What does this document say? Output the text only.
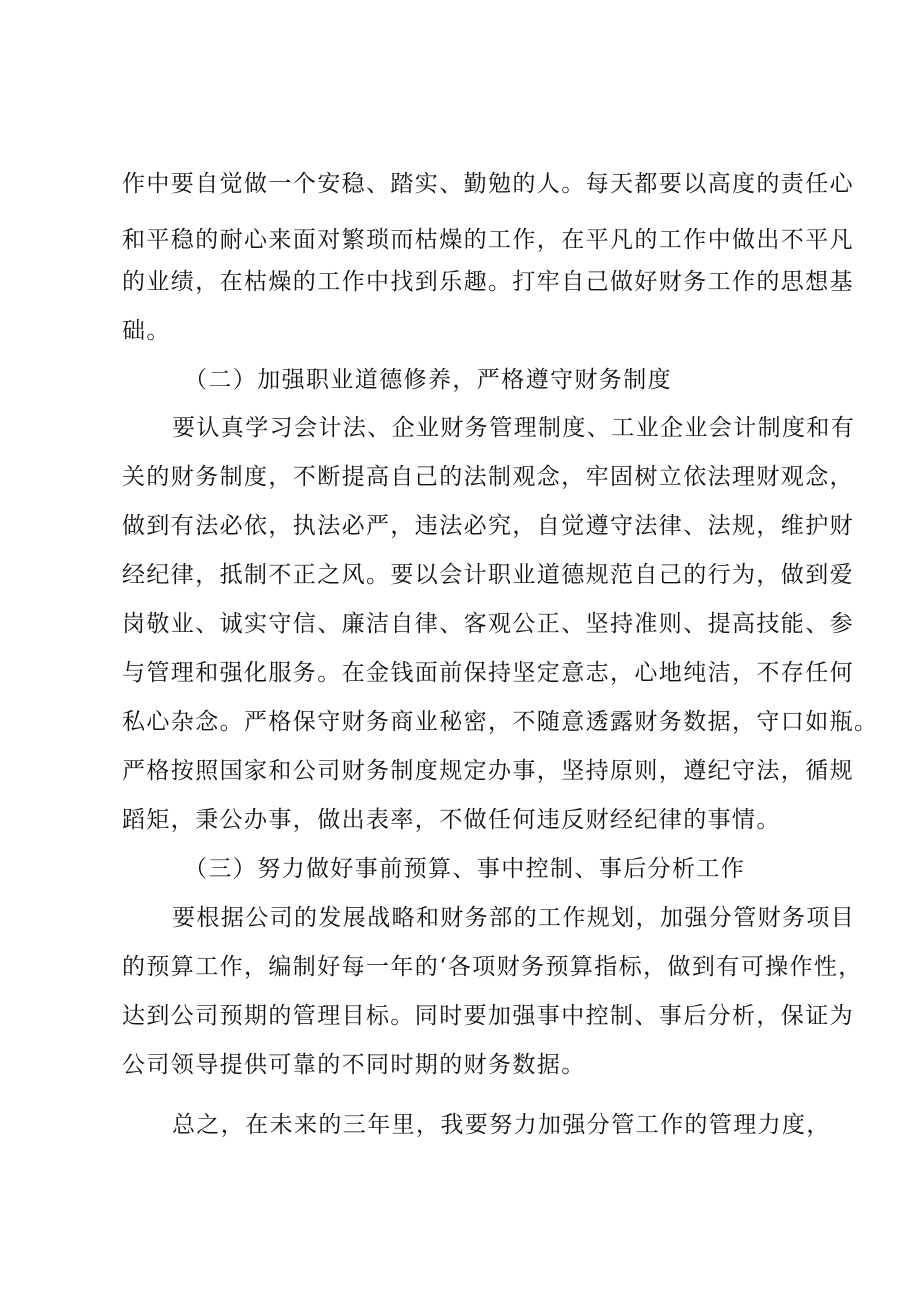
作中要自觉做一个安稳、踏实、勤勉的人。每天都要以高度的责任心
和平稳的耐心来面对繁琐而枯燥的工作，在平凡的工作中做出不平凡
的业绩，在枯燥的工作中找到乐趣。打牢自己做好财务工作的思想基
础。
（二）加强职业道德修养，严格遵守财务制度
要认真学习会计法、企业财务管理制度、工业企业会计制度和有
关的财务制度，不断提高自己的法制观念，牢固树立依法理财观念，
做到有法必依，执法必严，违法必究，自觉遵守法律、法规，维护财
经纪律，抵制不正之风。要以会计职业道德规范自己的行为，做到爱
岗敬业、诚实守信、廉洁自律、客观公正、坚持准则、提高技能、参
与管理和强化服务。在金钱面前保持坚定意志，心地纯洁，不存任何
私心杂念。严格保守财务商业秘密，不随意透露财务数据，守口如瓶。
严格按照国家和公司财务制度规定办事，坚持原则，遵纪守法，循规
蹈矩，秉公办事，做出表率，不做任何违反财经纪律的事情。
（三）努力做好事前预算、事中控制、事后分析工作
要根据公司的发展战略和财务部的工作规划，加强分管财务项目
的预算工作，编制好每一年的‘各项财务预算指标，做到有可操作性，
达到公司预期的管理目标。同时要加强事中控制、事后分析，保证为
公司领导提供可靠的不同时期的财务数据。
总之，在未来的三年里，我要努力加强分管工作的管理力度，
